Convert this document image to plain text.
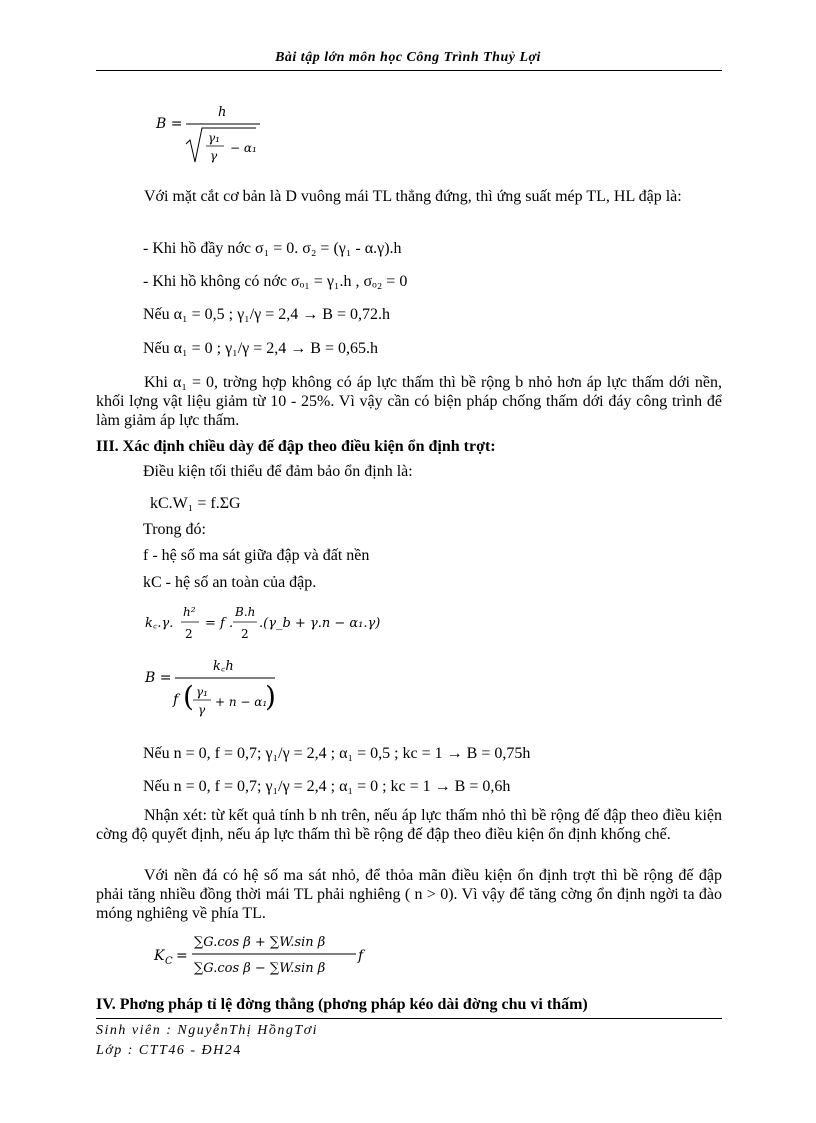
Bài tập lớn môn học Công Trình Thuỷ Lợi
B =
h
γ₁
γ
− α₁
Với mặt cắt cơ bản là D vuông mái TL thẳng đứng, thì ứng suất mép TL, HL đập là:
- Khi hồ đầy nớc σ₁ = 0. σ₂ = (γ₁ - α.γ).h
- Khi hồ không có nớc σₒ₁ = γ₁.h , σₒ₂ = 0
Nếu α₁ = 0,5 ; γ₁/γ = 2,4 → B = 0,72.h
Nếu α₁ = 0 ; γ₁/γ = 2,4 → B = 0,65.h
Khi α₁ = 0, trờng hợp không có áp lực thấm thì bề rộng b nhỏ hơn áp lực thấm dới nền, khối lợng vật liệu giảm từ 10 - 25%. Vì vậy cần có biện pháp chống thấm dới đáy công trình để làm giảm áp lực thấm.
III. Xác định chiều dày đế đập theo điều kiện ổn định trợt:
Điều kiện tối thiểu để đảm bảo ổn định là:
kC.W₁ = f.ΣG
Trong đó:
f - hệ số ma sát giữa đập và đất nền
kC - hệ số an toàn của đập.
k꜀.γ.
h²
2
= f .
B.h
2
.(γ_b + γ.n − α₁.γ)
B =
k꜀h
f ( γ₁
γ
+ n − α₁
)
Nếu n = 0, f = 0,7; γ₁/γ = 2,4 ; α₁ = 0,5 ; kc = 1 → B = 0,75h
Nếu n = 0, f = 0,7; γ₁/γ = 2,4 ; α₁ = 0 ; kc = 1 → B = 0,6h
Nhận xét: từ kết quả tính b nh trên, nếu áp lực thấm nhỏ thì bề rộng đế đập theo điều kiện cờng độ quyết định, nếu áp lực thấm thì bề rộng đế đập theo điều kiện ổn định khống chế.
Với nền đá có hệ số ma sát nhỏ, để thỏa mãn điều kiện ổn định trợt thì bề rộng đế đập phải tăng nhiều đồng thời mái TL phải nghiêng ( n > 0). Vì vậy để tăng cờng ổn định ngời ta đào móng nghiêng về phía TL.
K C =
∑G.cos β + ∑W.sin β
∑G.cos β − ∑W.sin β
f
IV. Phơng pháp tỉ lệ đờng thẳng (phơng pháp kéo dài đờng chu vi thấm)
Sinh viên : NguyễnThị HồngTơi
Lớp : CTT46 - ĐH24
